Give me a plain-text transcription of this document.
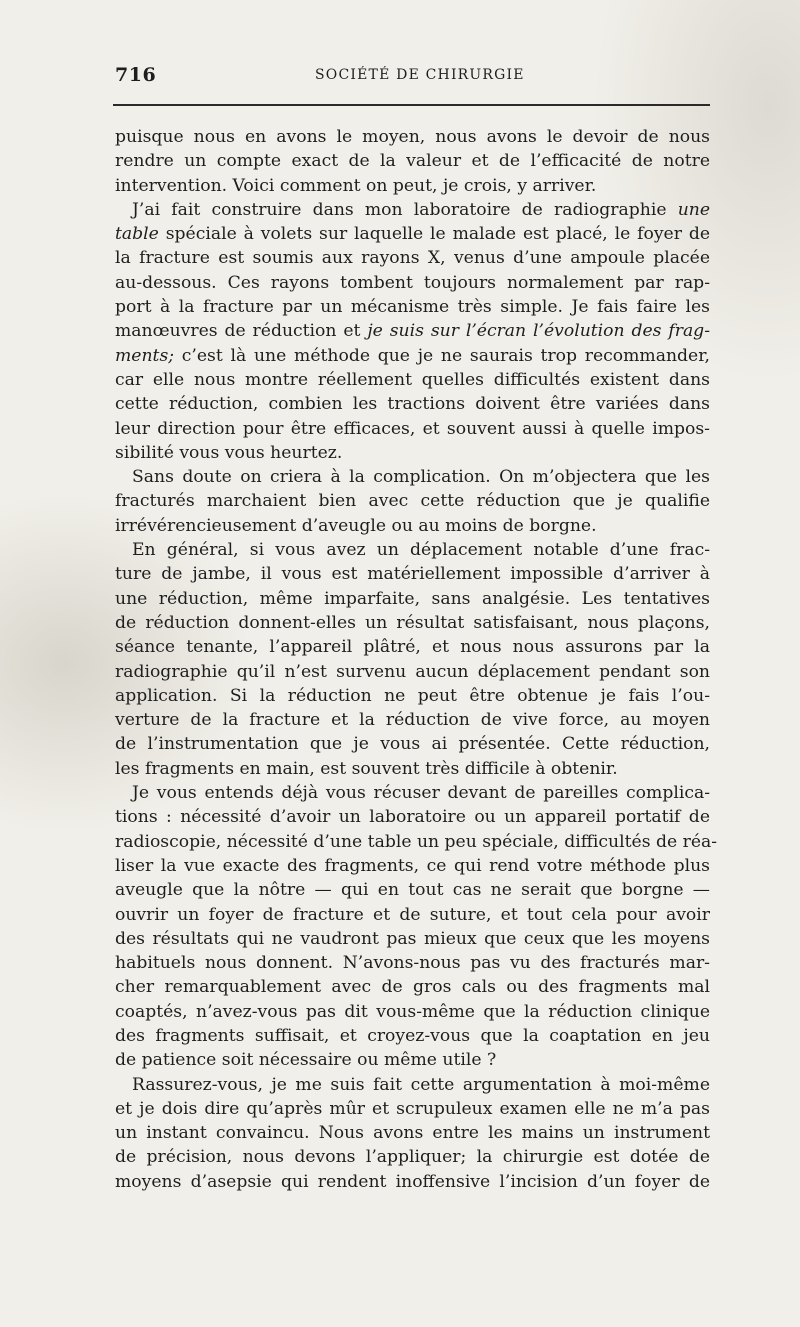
716	SOCIÉTÉ DE CHIRURGIE
puisque nous en avons le moyen, nous avons le devoir de nous
rendre un compte exact de la valeur et de l’efficacité de notre
intervention. Voici comment on peut, je crois, y arriver.
J’ai fait construire dans mon laboratoire de radiographie une
table spéciale à volets sur laquelle le malade est placé, le foyer de
la fracture est soumis aux rayons X, venus d’une ampoule placée
au-dessous. Ces rayons tombent toujours normalement par rap-
port à la fracture par un mécanisme très simple. Je fais faire les
manœuvres de réduction et je suis sur l’écran l’évolution des frag-
ments; c’est là une méthode que je ne saurais trop recommander,
car elle nous montre réellement quelles difficultés existent dans
cette réduction, combien les tractions doivent être variées dans
leur direction pour être efficaces, et souvent aussi à quelle impos-
sibilité vous vous heurtez.
Sans doute on criera à la complication. On m’objectera que les
fracturés marchaient bien avec cette réduction que je qualifie
irrévérencieusement d’aveugle ou au moins de borgne.
En général, si vous avez un déplacement notable d’une frac-
ture de jambe, il vous est matériellement impossible d’arriver à
une réduction, même imparfaite, sans analgésie. Les tentatives
de réduction donnent-elles un résultat satisfaisant, nous plaçons,
séance tenante, l’appareil plâtré, et nous nous assurons par la
radiographie qu’il n’est survenu aucun déplacement pendant son
application. Si la réduction ne peut être obtenue je fais l’ou-
verture de la fracture et la réduction de vive force, au moyen
de l’instrumentation que je vous ai présentée. Cette réduction,
les fragments en main, est souvent très difficile à obtenir.
Je vous entends déjà vous récuser devant de pareilles complica-
tions : nécessité d’avoir un laboratoire ou un appareil portatif de
radioscopie, nécessité d’une table un peu spéciale, difficultés de réa-
liser la vue exacte des fragments, ce qui rend votre méthode plus
aveugle que la nôtre — qui en tout cas ne serait que borgne —
ouvrir un foyer de fracture et de suture, et tout cela pour avoir
des résultats qui ne vaudront pas mieux que ceux que les moyens
habituels nous donnent. N’avons-nous pas vu des fracturés mar-
cher remarquablement avec de gros cals ou des fragments mal
coaptés, n’avez-vous pas dit vous-même que la réduction clinique
des fragments suffisait, et croyez-vous que la coaptation en jeu
de patience soit nécessaire ou même utile ?
Rassurez-vous, je me suis fait cette argumentation à moi-même
et je dois dire qu’après mûr et scrupuleux examen elle ne m’a pas
un instant convaincu. Nous avons entre les mains un instrument
de précision, nous devons l’appliquer; la chirurgie est dotée de
moyens d’asepsie qui rendent inoffensive l’incision d’un foyer de
